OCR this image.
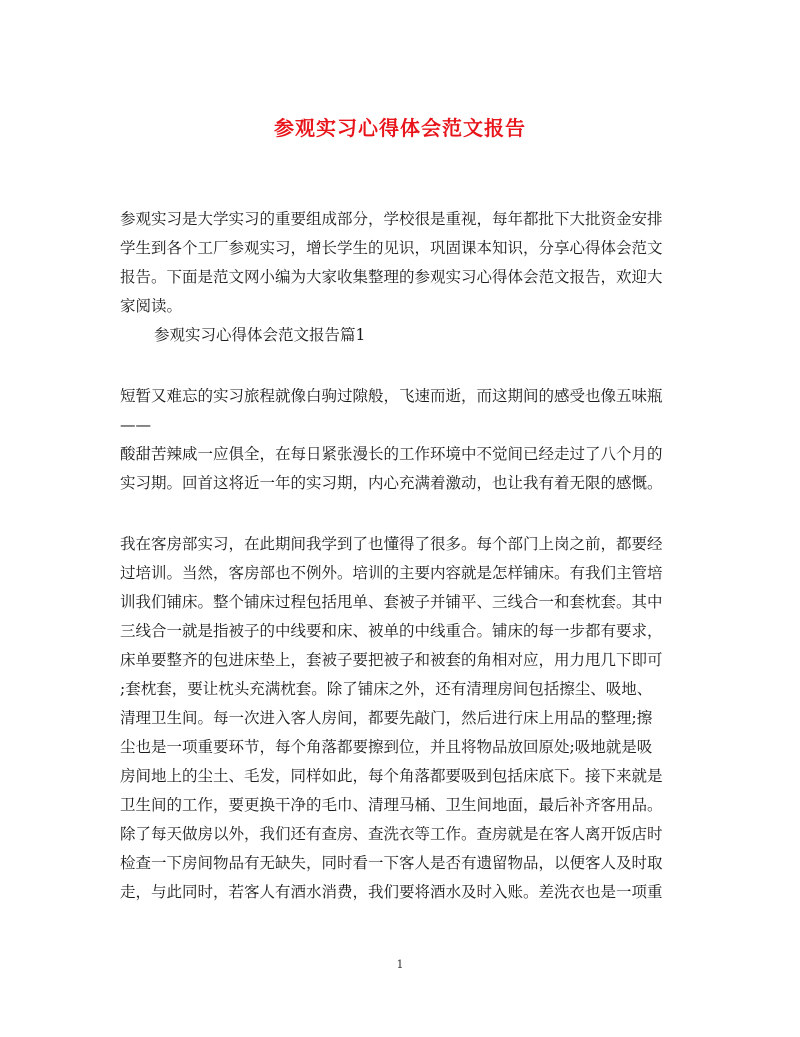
参观实习心得体会范文报告
参观实习是大学实习的重要组成部分，学校很是重视，每年都批下大批资金安排
学生到各个工厂参观实习，增长学生的见识，巩固课本知识，分享心得体会范文
报告。下面是范文网小编为大家收集整理的参观实习心得体会范文报告，欢迎大
家阅读。
参观实习心得体会范文报告篇1
短暂又难忘的实习旅程就像白驹过隙般，飞速而逝，而这期间的感受也像五味瓶
——
酸甜苦辣咸一应俱全，在每日紧张漫长的工作环境中不觉间已经走过了八个月的
实习期。回首这将近一年的实习期，内心充满着激动，也让我有着无限的感慨。
我在客房部实习，在此期间我学到了也懂得了很多。每个部门上岗之前，都要经
过培训。当然，客房部也不例外。培训的主要内容就是怎样铺床。有我们主管培
训我们铺床。整个铺床过程包括甩单、套被子并铺平、三线合一和套枕套。其中
三线合一就是指被子的中线要和床、被单的中线重合。铺床的每一步都有要求，
床单要整齐的包进床垫上，套被子要把被子和被套的角相对应，用力甩几下即可
;套枕套，要让枕头充满枕套。除了铺床之外，还有清理房间包括擦尘、吸地、
清理卫生间。每一次进入客人房间，都要先敲门，然后进行床上用品的整理;擦
尘也是一项重要环节，每个角落都要擦到位，并且将物品放回原处;吸地就是吸
房间地上的尘土、毛发，同样如此，每个角落都要吸到包括床底下。接下来就是
卫生间的工作，要更换干净的毛巾、清理马桶、卫生间地面，最后补齐客用品。
除了每天做房以外，我们还有查房、查洗衣等工作。查房就是在客人离开饭店时
检查一下房间物品有无缺失，同时看一下客人是否有遗留物品，以便客人及时取
走，与此同时，若客人有酒水消费，我们要将酒水及时入账。差洗衣也是一项重
1
